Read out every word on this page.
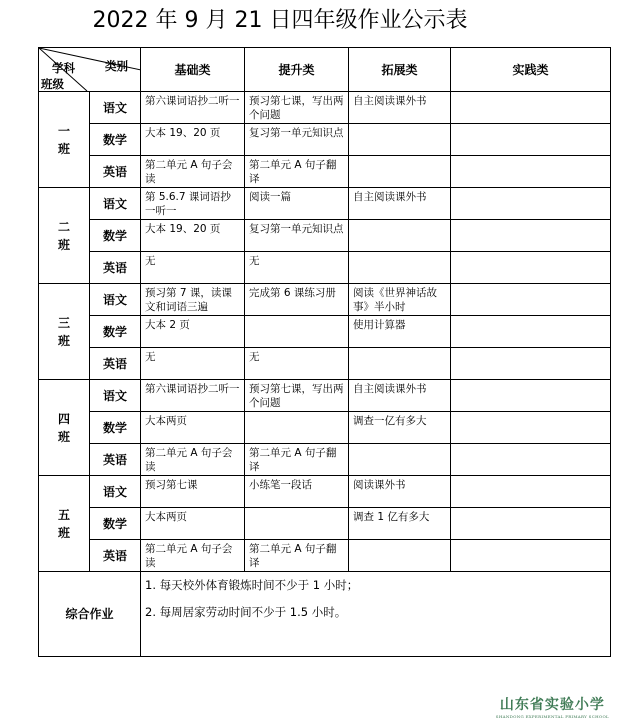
2022 年 9 月 21 日四年级作业公示表
类别
学科
班级		基础类	提升类	拓展类	实践类
一班	语文	第六课词语抄二听一	预习第七课，写出两个问题	自主阅读课外书	
	数学	大本 19、20 页	复习第一单元知识点		
	英语	第二单元 A 句子会读	第二单元 A 句子翻译		
二班	语文	第 5.6.7 课词语抄一听一	阅读一篇	自主阅读课外书	
	数学	大本 19、20 页	复习第一单元知识点		
	英语	无	无		
三班	语文	预习第 7 课，读课文和词语三遍	完成第 6 课练习册	阅读《世界神话故事》半小时	
	数学	大本 2 页		使用计算器	
	英语	无	无		
四班	语文	第六课词语抄二听一	预习第七课，写出两个问题	自主阅读课外书	
	数学	大本两页		调查一亿有多大	
	英语	第二单元 A 句子会读	第二单元 A 句子翻译		
五班	语文	预习第七课	小练笔一段话	阅读课外书	
	数学	大本两页		调查 1 亿有多大	
	英语	第二单元 A 句子会读	第二单元 A 句子翻译		
综合作业		1. 每天校外体育锻炼时间不少于 1 小时；

2. 每周居家劳动时间不少于 1.5 小时。			

山东省实验小学
SHANDONG EXPERIMENTAL PRIMARY SCHOOL
